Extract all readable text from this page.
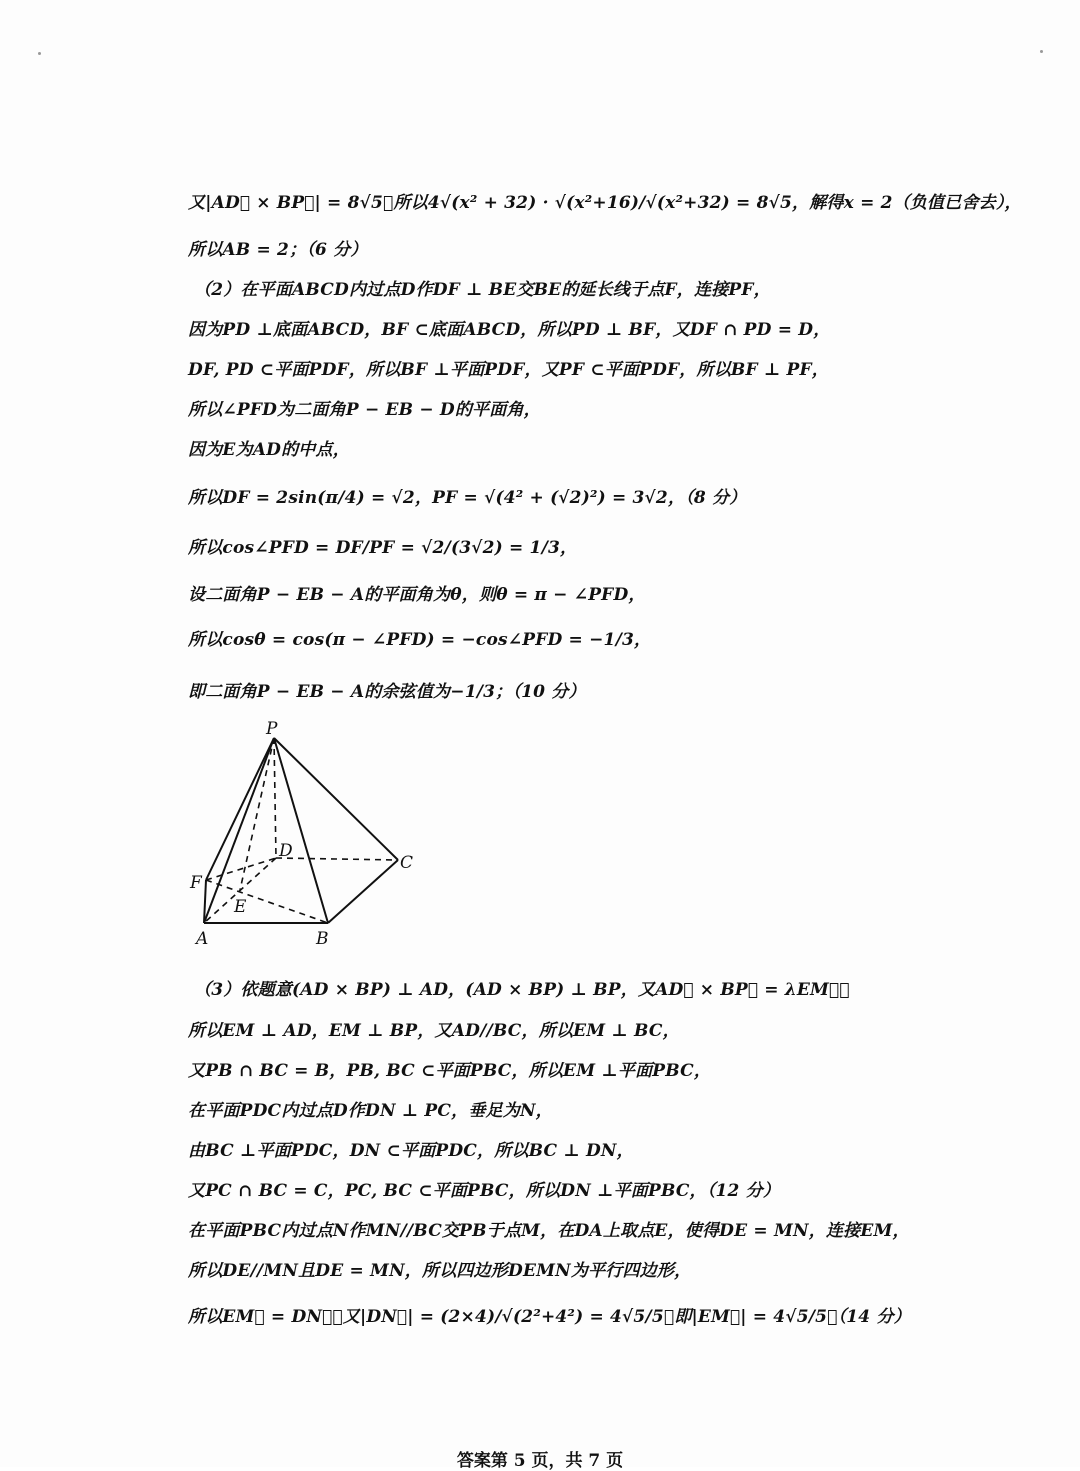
又|AD⃗ × BP⃗| = 8√5，所以4√(x² + 32) · √(x²+16)/√(x²+32) = 8√5，解得x = 2（负值已舍去），
所以AB = 2；（6 分）
（2）在平面ABCD内过点D作DF ⊥ BE交BE的延长线于点F，连接PF，
因为PD ⊥底面ABCD，BF ⊂底面ABCD，所以PD ⊥ BF，又DF ∩ PD = D，
DF, PD ⊂平面PDF，所以BF ⊥平面PDF，又PF ⊂平面PDF，所以BF ⊥ PF，
所以∠PFD为二面角P − EB − D的平面角，
因为E为AD的中点，
所以DF = 2sin(π/4) = √2，PF = √(4² + (√2)²) = 3√2，（8 分）
所以cos∠PFD = DF/PF = √2/(3√2) = 1/3，
设二面角P − EB − A的平面角为θ，则θ = π − ∠PFD，
所以cosθ = cos(π − ∠PFD) = −cos∠PFD = −1/3，
即二面角P − EB − A的余弦值为−1/3；（10 分）
P
D
C
F
E
A	B
（3）依题意(AD × BP) ⊥ AD，(AD × BP) ⊥ BP，又AD⃗ × BP⃗ = λEM⃗，
所以EM ⊥ AD，EM ⊥ BP，又AD//BC，所以EM ⊥ BC，
又PB ∩ BC = B，PB, BC ⊂平面PBC，所以EM ⊥平面PBC，
在平面PDC内过点D作DN ⊥ PC，垂足为N，
由BC ⊥平面PDC，DN ⊂平面PDC，所以BC ⊥ DN，
又PC ∩ BC = C，PC, BC ⊂平面PBC，所以DN ⊥平面PBC，（12 分）
在平面PBC内过点N作MN//BC交PB于点M，在DA上取点E，使得DE = MN，连接EM，
所以DE//MN且DE = MN，所以四边形DEMN为平行四边形，
所以EM⃗ = DN⃗，又|DN⃗| = (2×4)/√(2²+4²) = 4√5/5，即|EM⃗| = 4√5/5，（14 分）
答案第 5 页，共 7 页
